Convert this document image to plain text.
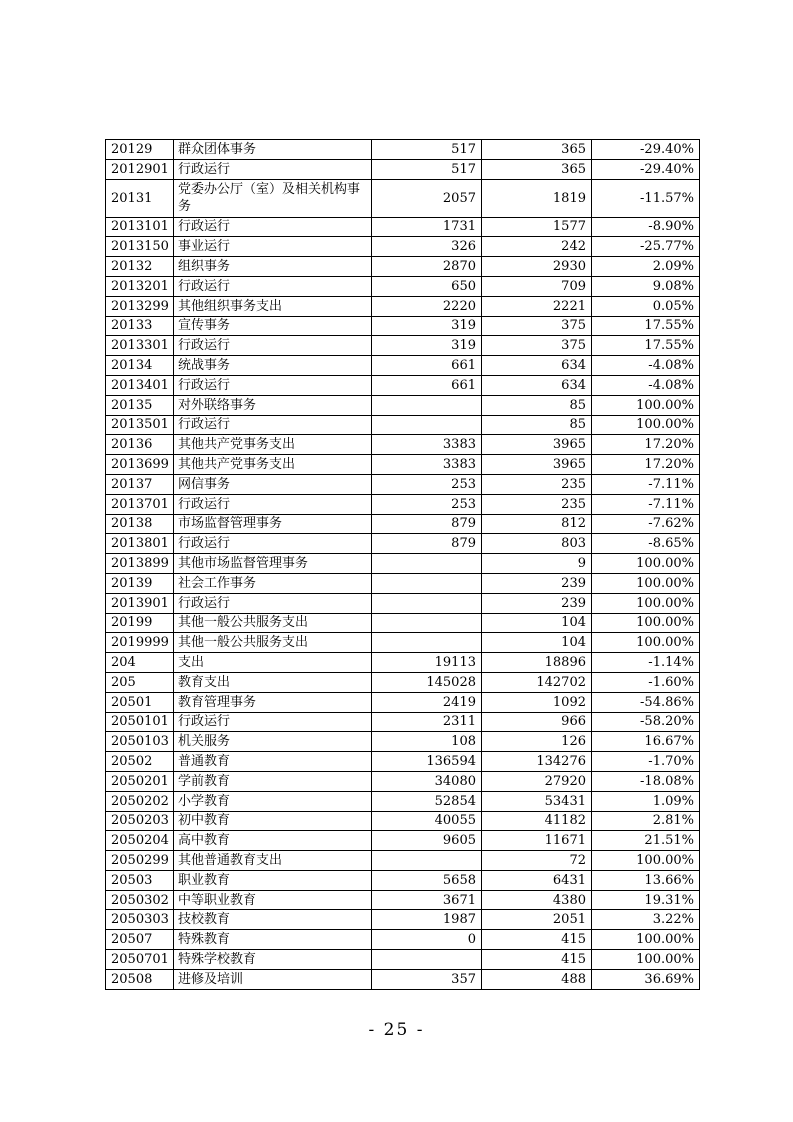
20129	群众团体事务	517	365	-29.40%
2012901	行政运行	517	365	-29.40%
20131	党委办公厅（室）及相关机构事务	2057	1819	-11.57%
2013101	行政运行	1731	1577	-8.90%
2013150	事业运行	326	242	-25.77%
20132	组织事务	2870	2930	2.09%
2013201	行政运行	650	709	9.08%
2013299	其他组织事务支出	2220	2221	0.05%
20133	宣传事务	319	375	17.55%
2013301	行政运行	319	375	17.55%
20134	统战事务	661	634	-4.08%
2013401	行政运行	661	634	-4.08%
20135	对外联络事务		85	100.00%
2013501	行政运行		85	100.00%
20136	其他共产党事务支出	3383	3965	17.20%
2013699	其他共产党事务支出	3383	3965	17.20%
20137	网信事务	253	235	-7.11%
2013701	行政运行	253	235	-7.11%
20138	市场监督管理事务	879	812	-7.62%
2013801	行政运行	879	803	-8.65%
2013899	其他市场监督管理事务		9	100.00%
20139	社会工作事务		239	100.00%
2013901	行政运行		239	100.00%
20199	其他一般公共服务支出		104	100.00%
2019999	其他一般公共服务支出		104	100.00%
204	支出	19113	18896	-1.14%
205	教育支出	145028	142702	-1.60%
20501	教育管理事务	2419	1092	-54.86%
2050101	行政运行	2311	966	-58.20%
2050103	机关服务	108	126	16.67%
20502	普通教育	136594	134276	-1.70%
2050201	学前教育	34080	27920	-18.08%
2050202	小学教育	52854	53431	1.09%
2050203	初中教育	40055	41182	2.81%
2050204	高中教育	9605	11671	21.51%
2050299	其他普通教育支出		72	100.00%
20503	职业教育	5658	6431	13.66%
2050302	中等职业教育	3671	4380	19.31%
2050303	技校教育	1987	2051	3.22%
20507	特殊教育	0	415	100.00%
2050701	特殊学校教育		415	100.00%
20508	进修及培训	357	488	36.69%
- 25 -
